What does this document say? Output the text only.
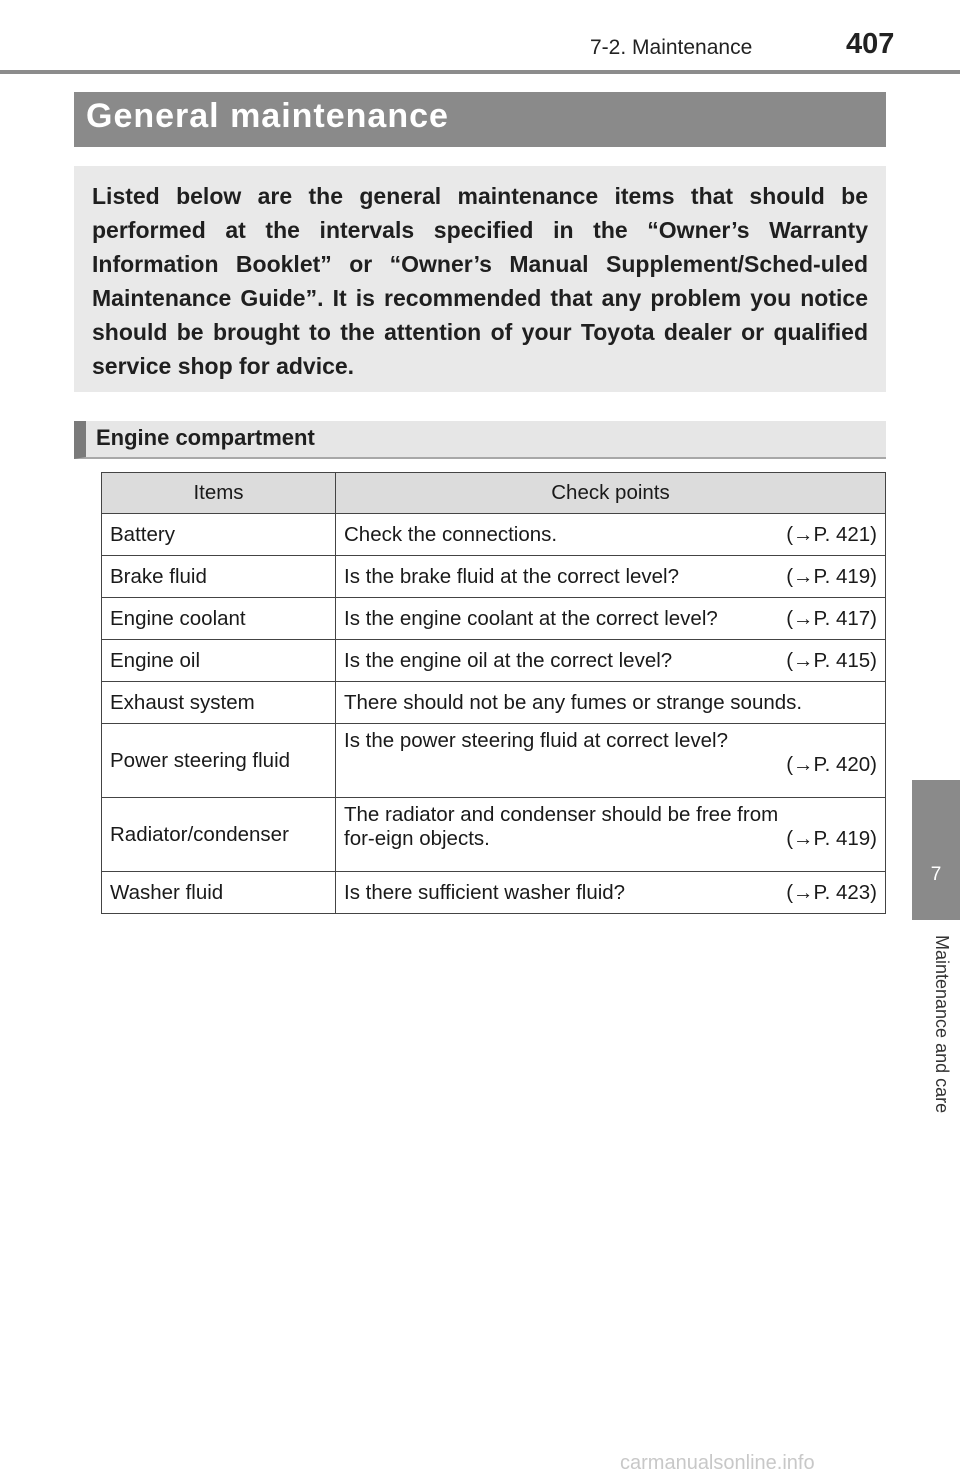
7-2. Maintenance	407
General maintenance

Listed below are the general maintenance items that should be performed at the intervals specified in the “Owner’s Warranty Information Booklet” or “Owner’s Manual Supplement/Sched-uled Maintenance Guide”. It is recommended that any problem you notice should be brought to the attention of your Toyota dealer or qualified service shop for advice.

Engine compartment
Items	Check points
Battery	Check the connections. (→P. 421)

Brake fluid	Is the brake fluid at the correct level? (→P. 419)

Engine coolant	Is the engine coolant at the correct level? (→P. 417)

Engine oil	Is the engine oil at the correct level? (→P. 415)

Exhaust system	There should not be any fumes or strange sounds.

Power steering fluid	Is the power steering fluid at correct level?
(→P. 420)

Radiator/condenser	The radiator and condenser should be free from for-eign objects. (→P. 419)

Washer fluid	Is there sufficient washer fluid? (→P. 423)
7
Maintenance and care
carmanualsonline.info
